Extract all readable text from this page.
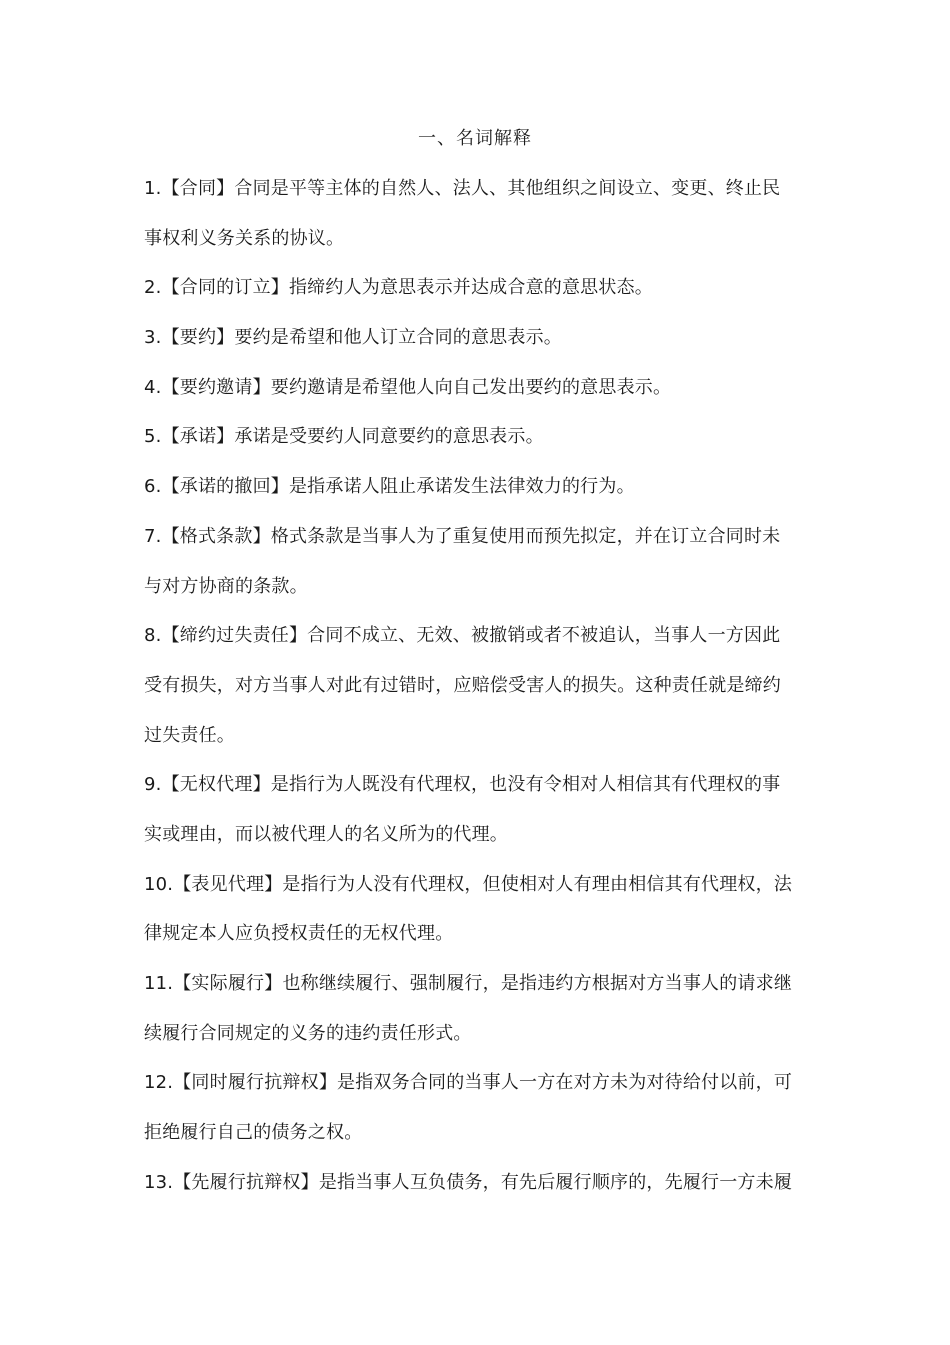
一、名词解释
1.【合同】合同是平等主体的自然人、法人、其他组织之间设立、变更、终止民
事权利义务关系的协议。
2.【合同的订立】指缔约人为意思表示并达成合意的意思状态。
3.【要约】要约是希望和他人订立合同的意思表示。
4.【要约邀请】要约邀请是希望他人向自己发出要约的意思表示。
5.【承诺】承诺是受要约人同意要约的意思表示。
6.【承诺的撤回】是指承诺人阻止承诺发生法律效力的行为。
7.【格式条款】格式条款是当事人为了重复使用而预先拟定，并在订立合同时未
与对方协商的条款。
8.【缔约过失责任】合同不成立、无效、被撤销或者不被追认，当事人一方因此
受有损失，对方当事人对此有过错时，应赔偿受害人的损失。这种责任就是缔约
过失责任。
9.【无权代理】是指行为人既没有代理权，也没有令相对人相信其有代理权的事
实或理由，而以被代理人的名义所为的代理。
10.【表见代理】是指行为人没有代理权，但使相对人有理由相信其有代理权，法
律规定本人应负授权责任的无权代理。
11.【实际履行】也称继续履行、强制履行，是指违约方根据对方当事人的请求继
续履行合同规定的义务的违约责任形式。
12.【同时履行抗辩权】是指双务合同的当事人一方在对方未为对待给付以前，可
拒绝履行自己的债务之权。
13.【先履行抗辩权】是指当事人互负债务，有先后履行顺序的，先履行一方未履
